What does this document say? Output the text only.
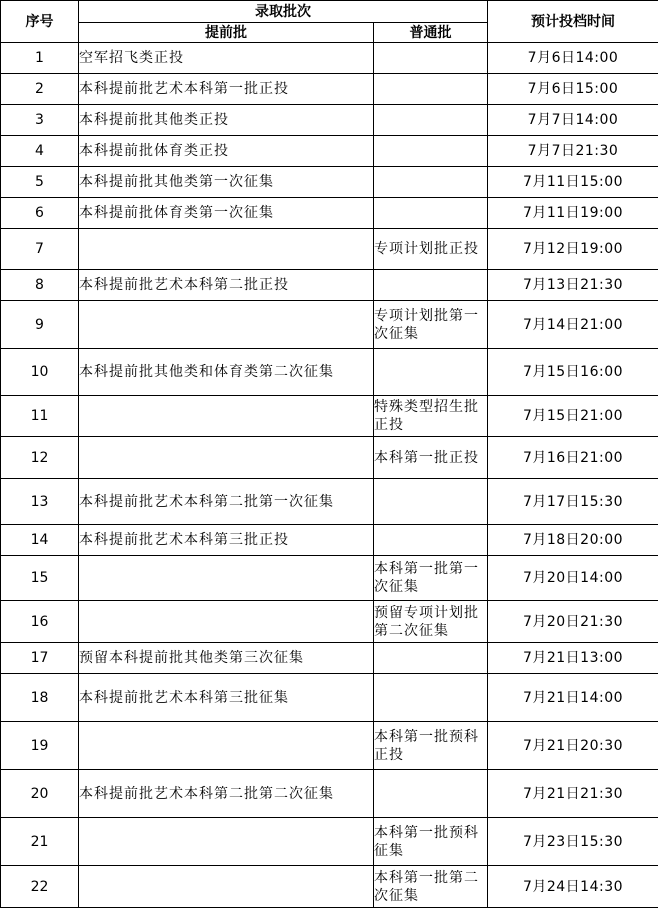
序号	录取批次		预计投档时间
	提前批	普通批	
1	空军招飞类正投		7月6日14:00
2	本科提前批艺术本科第一批正投		7月6日15:00
3	本科提前批其他类正投		7月7日14:00
4	本科提前批体育类正投		7月7日21:30
5	本科提前批其他类第一次征集		7月11日15:00
6	本科提前批体育类第一次征集		7月11日19:00
7		专项计划批正投	7月12日19:00
8	本科提前批艺术本科第二批正投		7月13日21:30
9		专项计划批第一次征集	7月14日21:00
10	本科提前批其他类和体育类第二次征集		7月15日16:00
11		特殊类型招生批正投	7月15日21:00
12		本科第一批正投	7月16日21:00
13	本科提前批艺术本科第二批第一次征集		7月17日15:30
14	本科提前批艺术本科第三批正投		7月18日20:00
15		本科第一批第一次征集	7月20日14:00
16		预留专项计划批第二次征集	7月20日21:30
17	预留本科提前批其他类第三次征集		7月21日13:00
18	本科提前批艺术本科第三批征集		7月21日14:00
19		本科第一批预科正投	7月21日20:30
20	本科提前批艺术本科第二批第二次征集		7月21日21:30
21		本科第一批预科征集	7月23日15:30
22		本科第一批第二次征集	7月24日14:30
